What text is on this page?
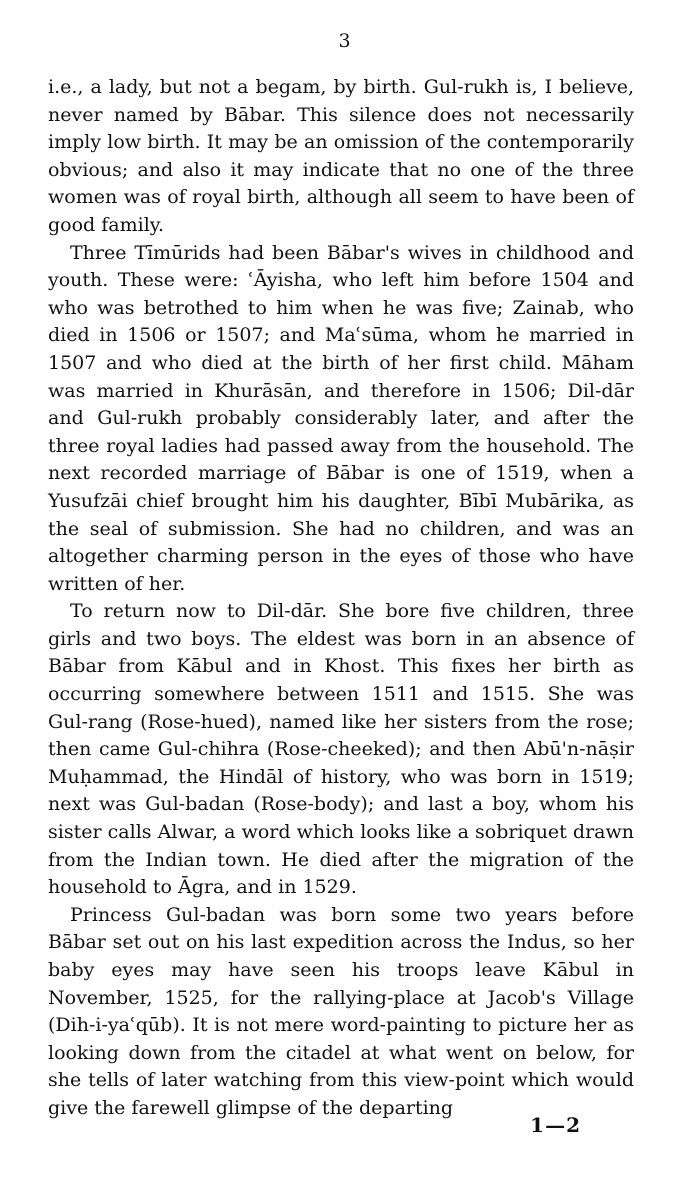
3

i.e., a lady, but not a begam, by birth. Gul-rukh is, I believe, never named by Bābar. This silence does not necessarily imply low birth. It may be an omission of the contemporarily obvious; and also it may indicate that no one of the three women was of royal birth, although all seem to have been of good family.

Three Tīmūrids had been Bābar's wives in childhood and youth. These were: ʿĀyisha, who left him before 1504 and who was betrothed to him when he was five; Zainab, who died in 1506 or 1507; and Maʿsūma, whom he married in 1507 and who died at the birth of her first child. Māham was married in Khurāsān, and therefore in 1506; Dil-dār and Gul-rukh probably considerably later, and after the three royal ladies had passed away from the household. The next recorded marriage of Bābar is one of 1519, when a Yusufzāi chief brought him his daughter, Bībī Mubārika, as the seal of submission. She had no children, and was an altogether charming person in the eyes of those who have written of her.

To return now to Dil-dār. She bore five children, three girls and two boys. The eldest was born in an absence of Bābar from Kābul and in Khost. This fixes her birth as occurring somewhere between 1511 and 1515. She was Gul-rang (Rose-hued), named like her sisters from the rose; then came Gul-chihra (Rose-cheeked); and then Abū'n-nāṣir Muḥammad, the Hindāl of history, who was born in 1519; next was Gul-badan (Rose-body); and last a boy, whom his sister calls Alwar, a word which looks like a sobriquet drawn from the Indian town. He died after the migration of the household to Āgra, and in 1529.

Princess Gul-badan was born some two years before Bābar set out on his last expedition across the Indus, so her baby eyes may have seen his troops leave Kābul in November, 1525, for the rallying-place at Jacob's Village (Dih-i-yaʿqūb). It is not mere word-painting to picture her as looking down from the citadel at what went on below, for she tells of later watching from this view-point which would give the farewell glimpse of the departing

1—2
